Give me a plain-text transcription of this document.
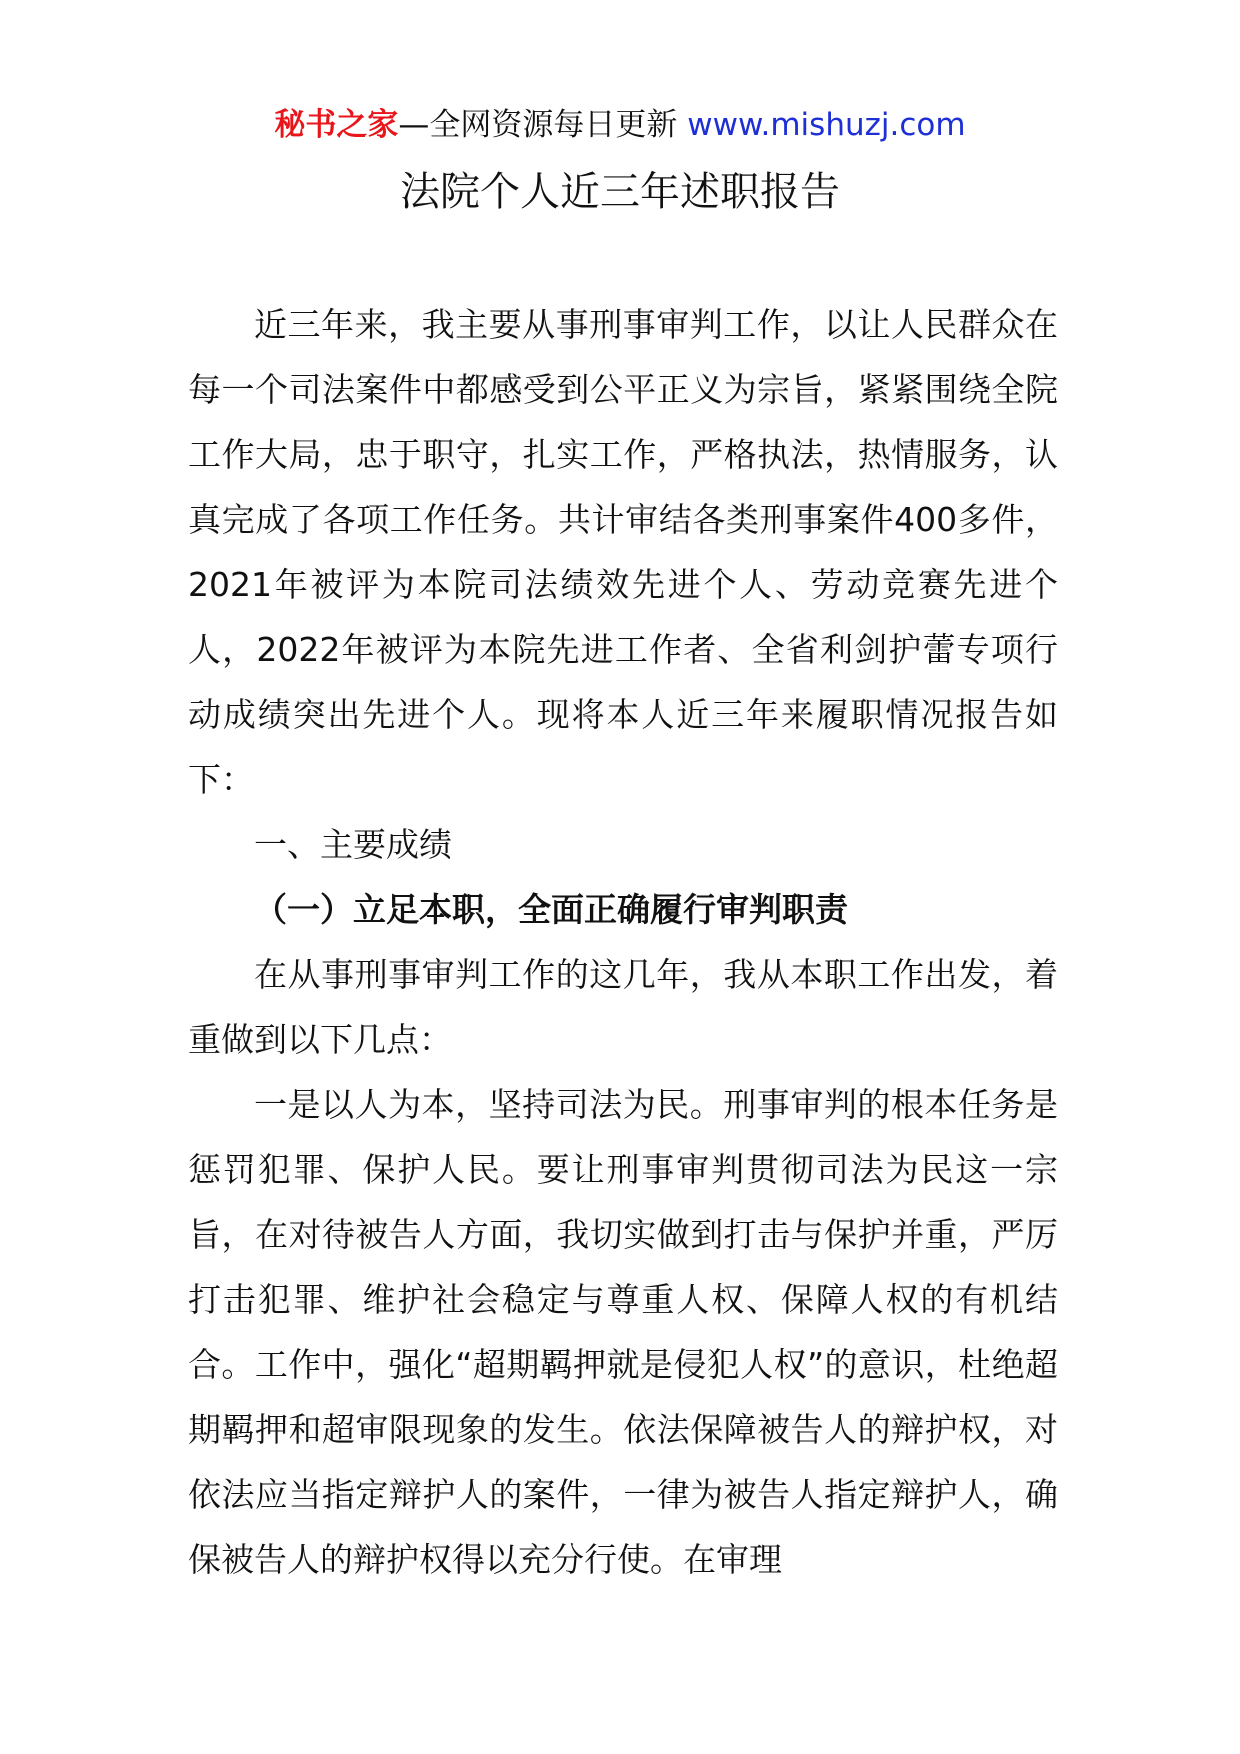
秘书之家—全网资源每日更新 www.mishuzj.com
法院个人近三年述职报告

近三年来，我主要从事刑事审判工作，以让人民群众在每一个司法案件中都感受到公平正义为宗旨，紧紧围绕全院工作大局，忠于职守，扎实工作，严格执法，热情服务，认真完成了各项工作任务。共计审结各类刑事案件400多件，2021年被评为本院司法绩效先进个人、劳动竞赛先进个人，2022年被评为本院先进工作者、全省利剑护蕾专项行动成绩突出先进个人。现将本人近三年来履职情况报告如下：

一、主要成绩

（一）立足本职，全面正确履行审判职责

在从事刑事审判工作的这几年，我从本职工作出发，着重做到以下几点：

一是以人为本，坚持司法为民。刑事审判的根本任务是惩罚犯罪、保护人民。要让刑事审判贯彻司法为民这一宗旨，在对待被告人方面，我切实做到打击与保护并重，严厉打击犯罪、维护社会稳定与尊重人权、保障人权的有机结合。工作中，强化“超期羁押就是侵犯人权”的意识，杜绝超期羁押和超审限现象的发生。依法保障被告人的辩护权，对依法应当指定辩护人的案件，一律为被告人指定辩护人，确保被告人的辩护权得以充分行使。在审理
